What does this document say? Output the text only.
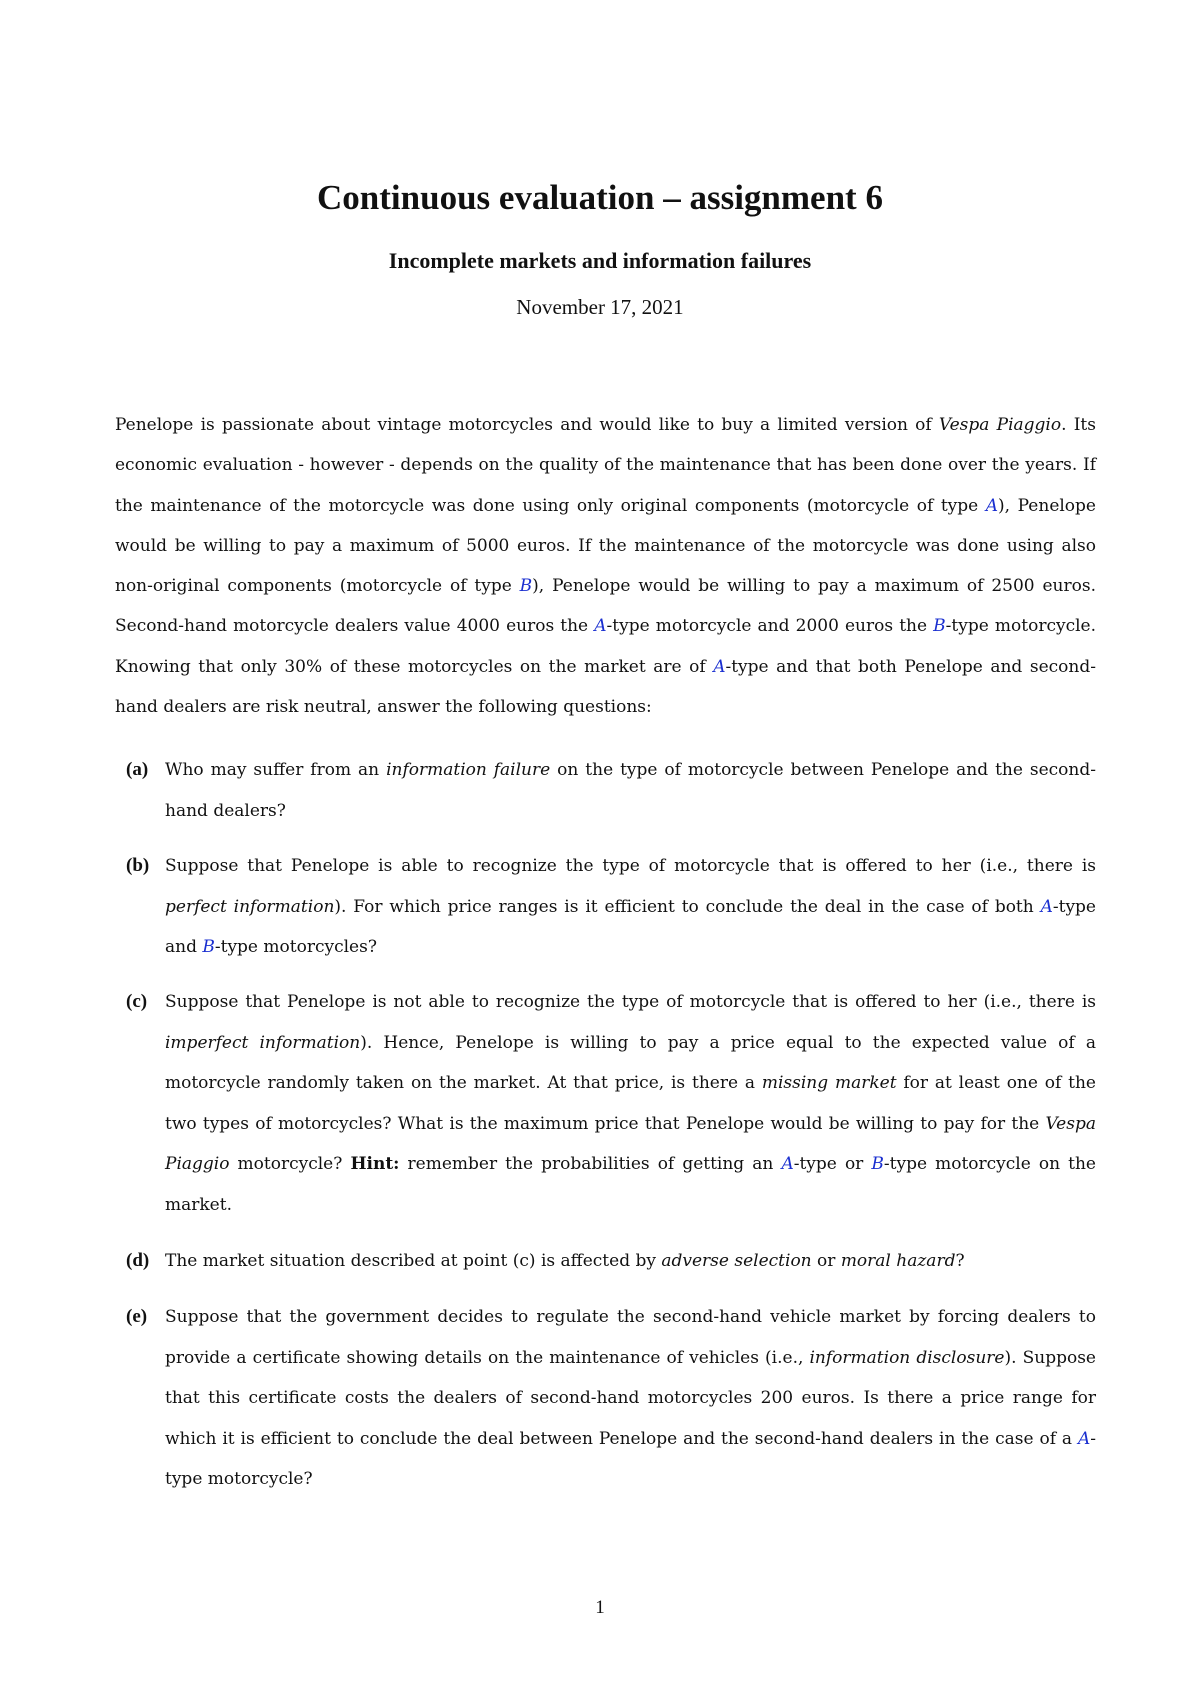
Continuous evaluation – assignment 6
Incomplete markets and information failures
November 17, 2021

Penelope is passionate about vintage motorcycles and would like to buy a limited version of Vespa Piaggio. Its economic evaluation - however - depends on the quality of the maintenance that has been done over the years. If the maintenance of the motorcycle was done using only original components (motorcycle of type A), Penelope would be willing to pay a maximum of 5000 euros. If the maintenance of the motorcycle was done using also non-original components (motorcycle of type B), Penelope would be willing to pay a maximum of 2500 euros. Second-hand motorcycle dealers value 4000 euros the A-type motorcycle and 2000 euros the B-type motorcycle. Knowing that only 30% of these motorcycles on the market are of A-type and that both Penelope and second-hand dealers are risk neutral, answer the following questions:

(a) Who may suffer from an information failure on the type of motorcycle between Penelope and the second-hand dealers?
(b) Suppose that Penelope is able to recognize the type of motorcycle that is offered to her (i.e., there is perfect information). For which price ranges is it efficient to conclude the deal in the case of both A-type and B-type motorcycles?
(c) Suppose that Penelope is not able to recognize the type of motorcycle that is offered to her (i.e., there is imperfect information). Hence, Penelope is willing to pay a price equal to the expected value of a motorcycle randomly taken on the market. At that price, is there a missing market for at least one of the two types of motorcycles? What is the maximum price that Penelope would be willing to pay for the Vespa Piaggio motorcycle? Hint: remember the probabilities of getting an A-type or B-type motorcycle on the market.
(d) The market situation described at point (c) is affected by adverse selection or moral hazard?
(e) Suppose that the government decides to regulate the second-hand vehicle market by forcing dealers to provide a certificate showing details on the maintenance of vehicles (i.e., information disclosure). Suppose that this certificate costs the dealers of second-hand motorcycles 200 euros. Is there a price range for which it is efficient to conclude the deal between Penelope and the second-hand dealers in the case of a A-type motorcycle?
1
